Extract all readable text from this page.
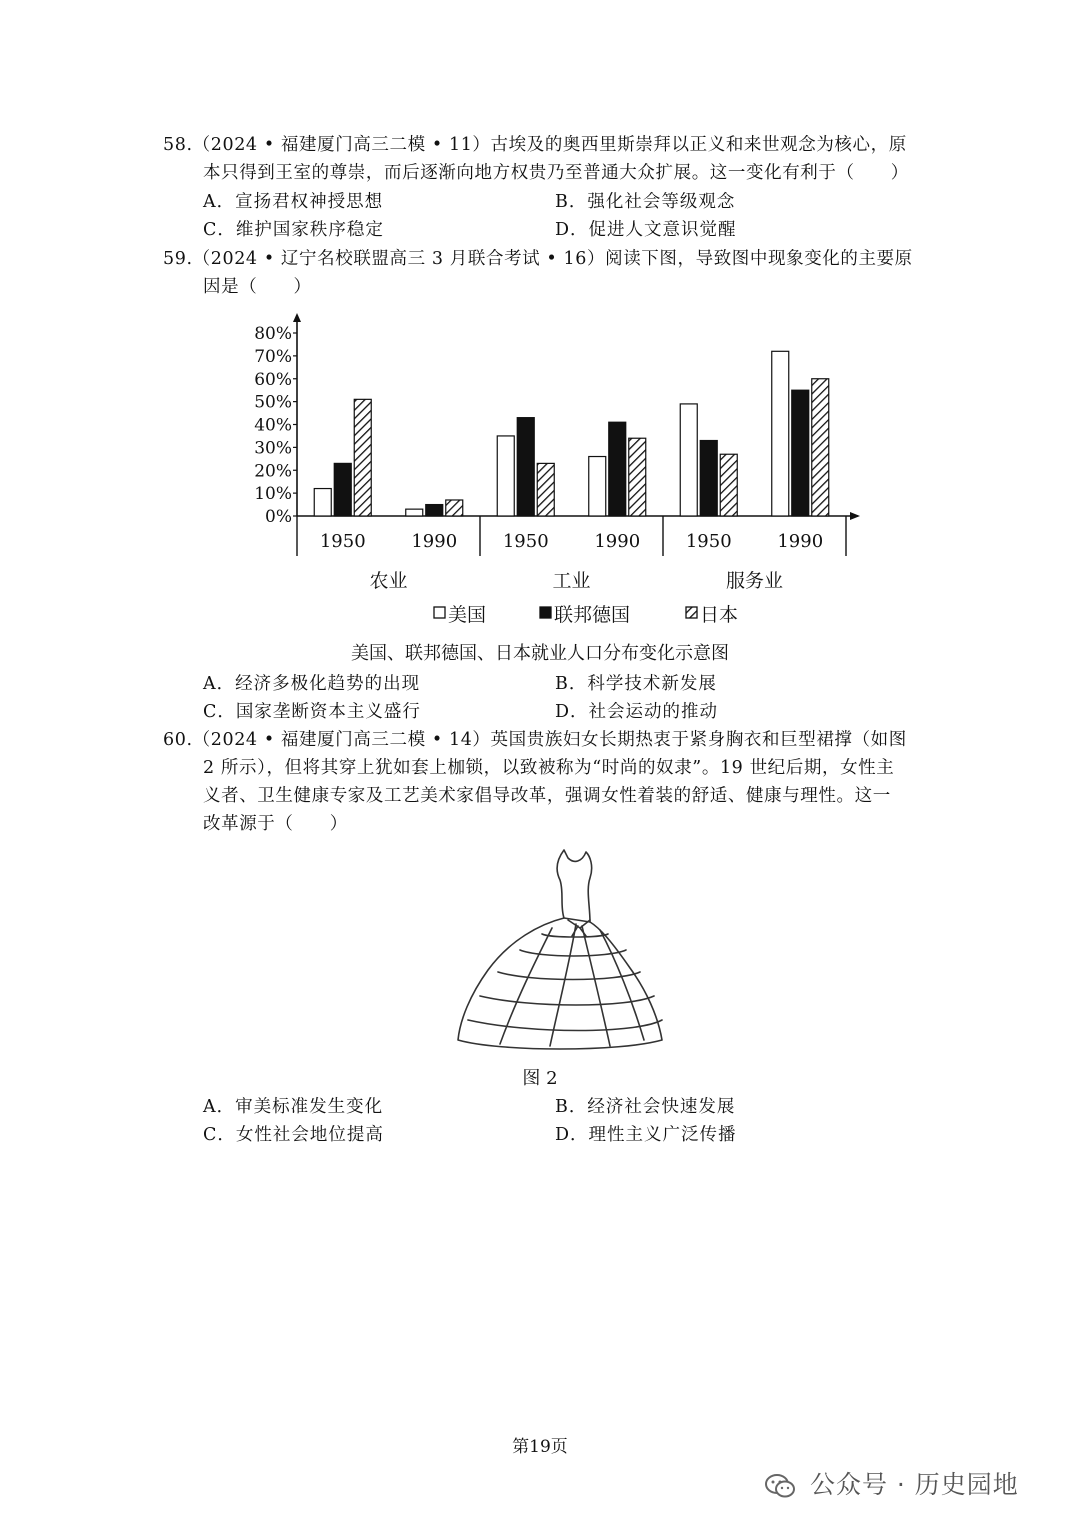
58.（2024 • 福建厦门高三二模 • 11）古埃及的奥西里斯崇拜以正义和来世观念为核心，原
本只得到王室的尊崇，而后逐渐向地方权贵乃至普通大众扩展。这一变化有利于（　　）
A．宣扬君权神授思想	B．强化社会等级观念
C．维护国家秩序稳定	D．促进人文意识觉醒
59.（2024 • 辽宁名校联盟高三 3 月联合考试 • 16）阅读下图，导致图中现象变化的主要原
因是（　　）
0%
10%
20%
30%
40%
50%
60%
70%
80%
1950	1990	1950	1990	1950	1990
农业	工业	服务业
美国	联邦德国	日本
美国、联邦德国、日本就业人口分布变化示意图
A．经济多极化趋势的出现	B．科学技术新发展
C．国家垄断资本主义盛行	D．社会运动的推动
60.（2024 • 福建厦门高三二模 • 14）英国贵族妇女长期热衷于紧身胸衣和巨型裙撑（如图
2 所示），但将其穿上犹如套上枷锁，以致被称为“时尚的奴隶”。19 世纪后期，女性主
义者、卫生健康专家及工艺美术家倡导改革，强调女性着装的舒适、健康与理性。这一
改革源于（　　）
图 2
A．审美标准发生变化	B．经济社会快速发展
C．女性社会地位提高	D．理性主义广泛传播
第19页
公众号 · 历史园地
